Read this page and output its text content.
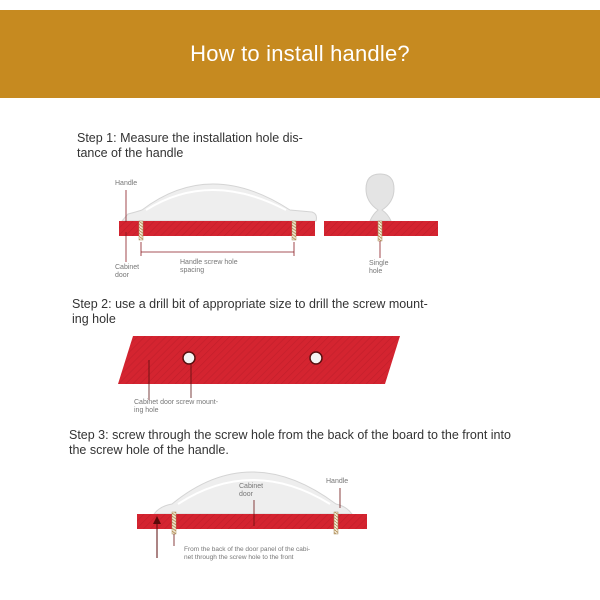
How to install handle?
Step 1: Measure the installation hole dis-
tance of the handle
Step 2: use a drill bit of appropriate size to drill the screw mount-
ing hole
Step 3: screw through the screw hole from the back of the board to the front into
the screw hole of the handle.
Handle
Cabinet
door
Handle screw hole
spacing
Single
hole
Cabinet door screw mount-
ing hole
Cabinet
door
Handle
From the back of the door panel of the cabi-
net through the screw hole to the front
